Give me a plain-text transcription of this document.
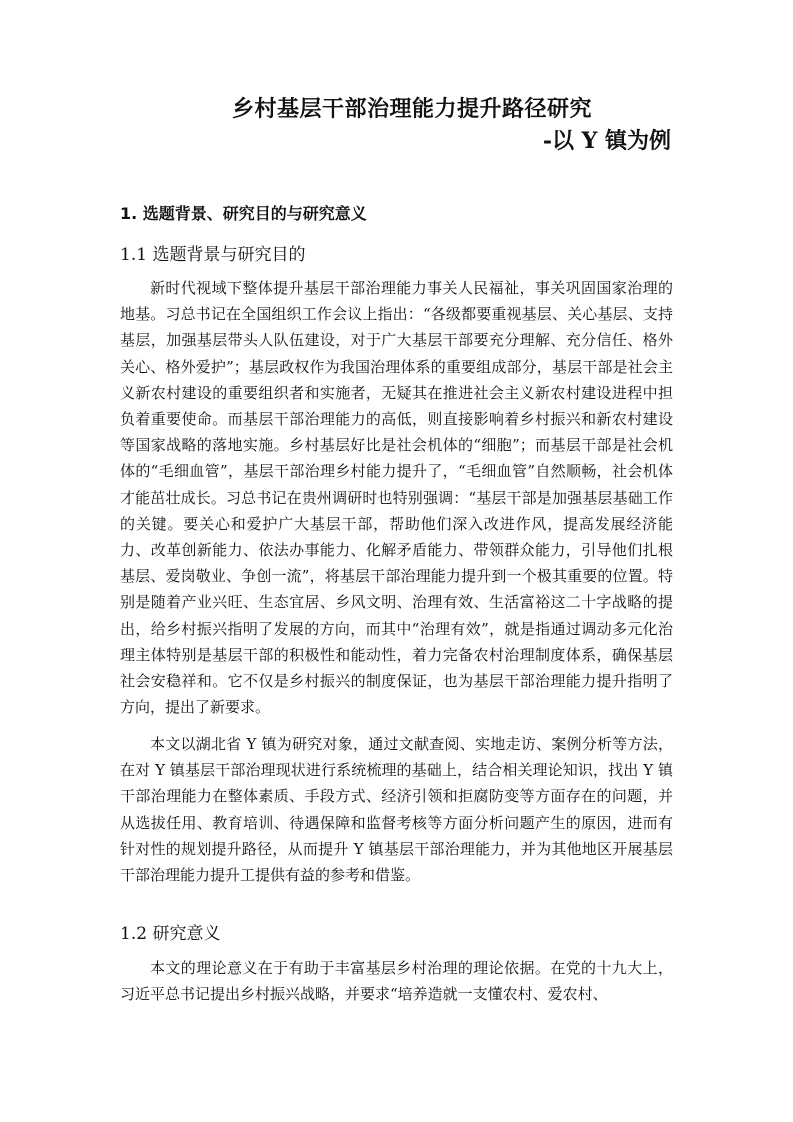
乡村基层干部治理能力提升路径研究
-以 Y 镇为例
1. 选题背景、研究目的与研究意义
1.1 选题背景与研究目的

新时代视域下整体提升基层干部治理能力事关人民福祉，事关巩固国家治理的地基。习总书记在全国组织工作会议上指出：“各级都要重视基层、关心基层、支持基层，加强基层带头人队伍建设，对于广大基层干部要充分理解、充分信任、格外关心、格外爱护”；基层政权作为我国治理体系的重要组成部分，基层干部是社会主义新农村建设的重要组织者和实施者，无疑其在推进社会主义新农村建设进程中担负着重要使命。而基层干部治理能力的高低，则直接影响着乡村振兴和新农村建设等国家战略的落地实施。乡村基层好比是社会机体的“细胞”；而基层干部是社会机体的“毛细血管”，基层干部治理乡村能力提升了，“毛细血管”自然顺畅，社会机体才能茁壮成长。习总书记在贵州调研时也特别强调：“基层干部是加强基层基础工作的关键。要关心和爱护广大基层干部，帮助他们深入改进作风，提高发展经济能力、改革创新能力、依法办事能力、化解矛盾能力、带领群众能力，引导他们扎根基层、爱岗敬业、争创一流”，将基层干部治理能力提升到一个极其重要的位置。特别是随着产业兴旺、生态宜居、乡风文明、治理有效、生活富裕这二十字战略的提出，给乡村振兴指明了发展的方向，而其中“治理有效”，就是指通过调动多元化治理主体特别是基层干部的积极性和能动性，着力完备农村治理制度体系，确保基层社会安稳祥和。它不仅是乡村振兴的制度保证，也为基层干部治理能力提升指明了方向，提出了新要求。

本文以湖北省 Y 镇为研究对象，通过文献查阅、实地走访、案例分析等方法，在对 Y 镇基层干部治理现状进行系统梳理的基础上，结合相关理论知识，找出 Y 镇干部治理能力在整体素质、手段方式、经济引领和拒腐防变等方面存在的问题，并从选拔任用、教育培训、待遇保障和监督考核等方面分析问题产生的原因，进而有针对性的规划提升路径，从而提升 Y 镇基层干部治理能力，并为其他地区开展基层干部治理能力提升工提供有益的参考和借鉴。

1.2 研究意义

本文的理论意义在于有助于丰富基层乡村治理的理论依据。在党的十九大上，习近平总书记提出乡村振兴战略，并要求“培养造就一支懂农村、爱农村、
